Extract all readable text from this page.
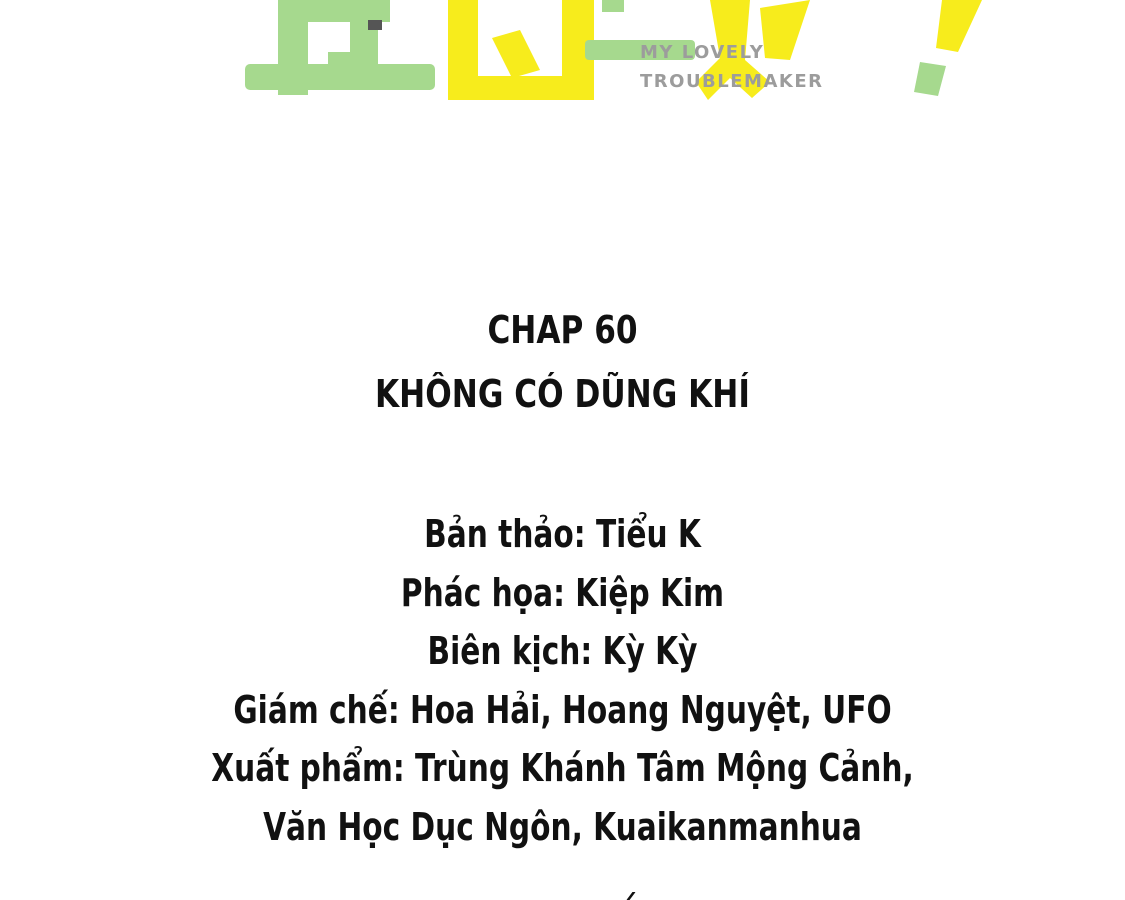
MY LOVELY
TROUBLEMAKER
CHAP 60
KHÔNG CÓ DŨNG KHÍ
Bản thảo: Tiểu K
Phác họa: Kiệp Kim
Biên kịch: Kỳ Kỳ
Giám chế: Hoa Hải, Hoang Nguyệt, UFO
Xuất phẩm: Trùng Khánh Tâm Mộng Cảnh,
Văn Học Dục Ngôn, Kuaikanmanhua
